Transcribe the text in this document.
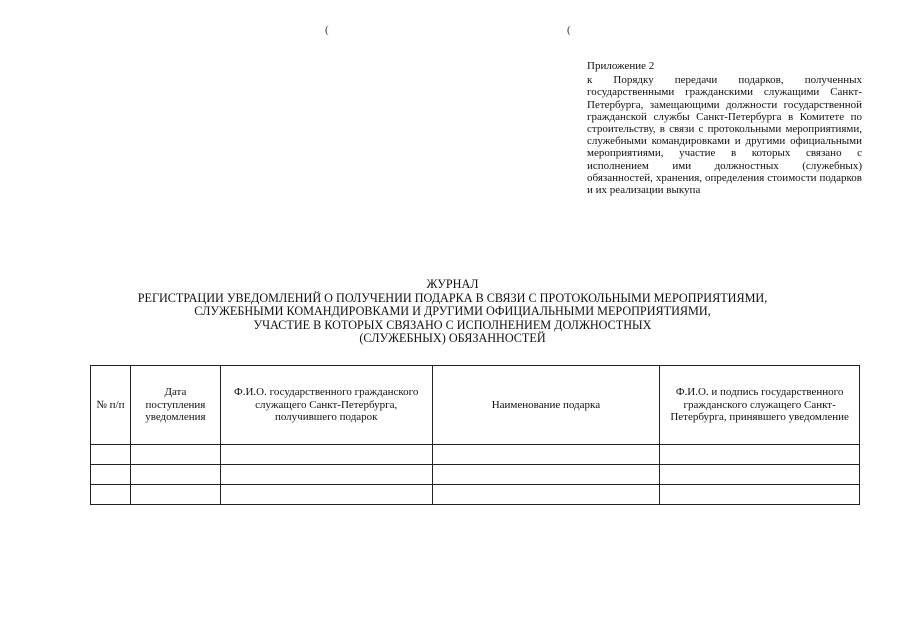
(	(
Приложение 2
к Порядку передачи подарков, полученных государственными гражданскими служащими Санкт-Петербурга, замещающими должности государственной гражданской службы Санкт-Петербурга в Комитете по строительству, в связи с протокольными мероприятиями, служебными командировками и другими официальными мероприятиями, участие в которых связано с исполнением ими должностных (служебных) обязанностей, хранения, определения стоимости подарков и их реализации выкупа
ЖУРНАЛ
РЕГИСТРАЦИИ УВЕДОМЛЕНИЙ О ПОЛУЧЕНИИ ПОДАРКА В СВЯЗИ С ПРОТОКОЛЬНЫМИ МЕРОПРИЯТИЯМИ,
СЛУЖЕБНЫМИ КОМАНДИРОВКАМИ И ДРУГИМИ ОФИЦИАЛЬНЫМИ МЕРОПРИЯТИЯМИ,
УЧАСТИЕ В КОТОРЫХ СВЯЗАНО С ИСПОЛНЕНИЕМ ДОЛЖНОСТНЫХ
(СЛУЖЕБНЫХ) ОБЯЗАННОСТЕЙ
№ п/п	Дата поступления уведомления	Ф.И.О. государственного гражданского служащего Санкт-Петербурга, получившего подарок	Наименование подарка	Ф.И.О. и подпись государственного гражданского служащего Санкт-Петербурга, принявшего уведомление
